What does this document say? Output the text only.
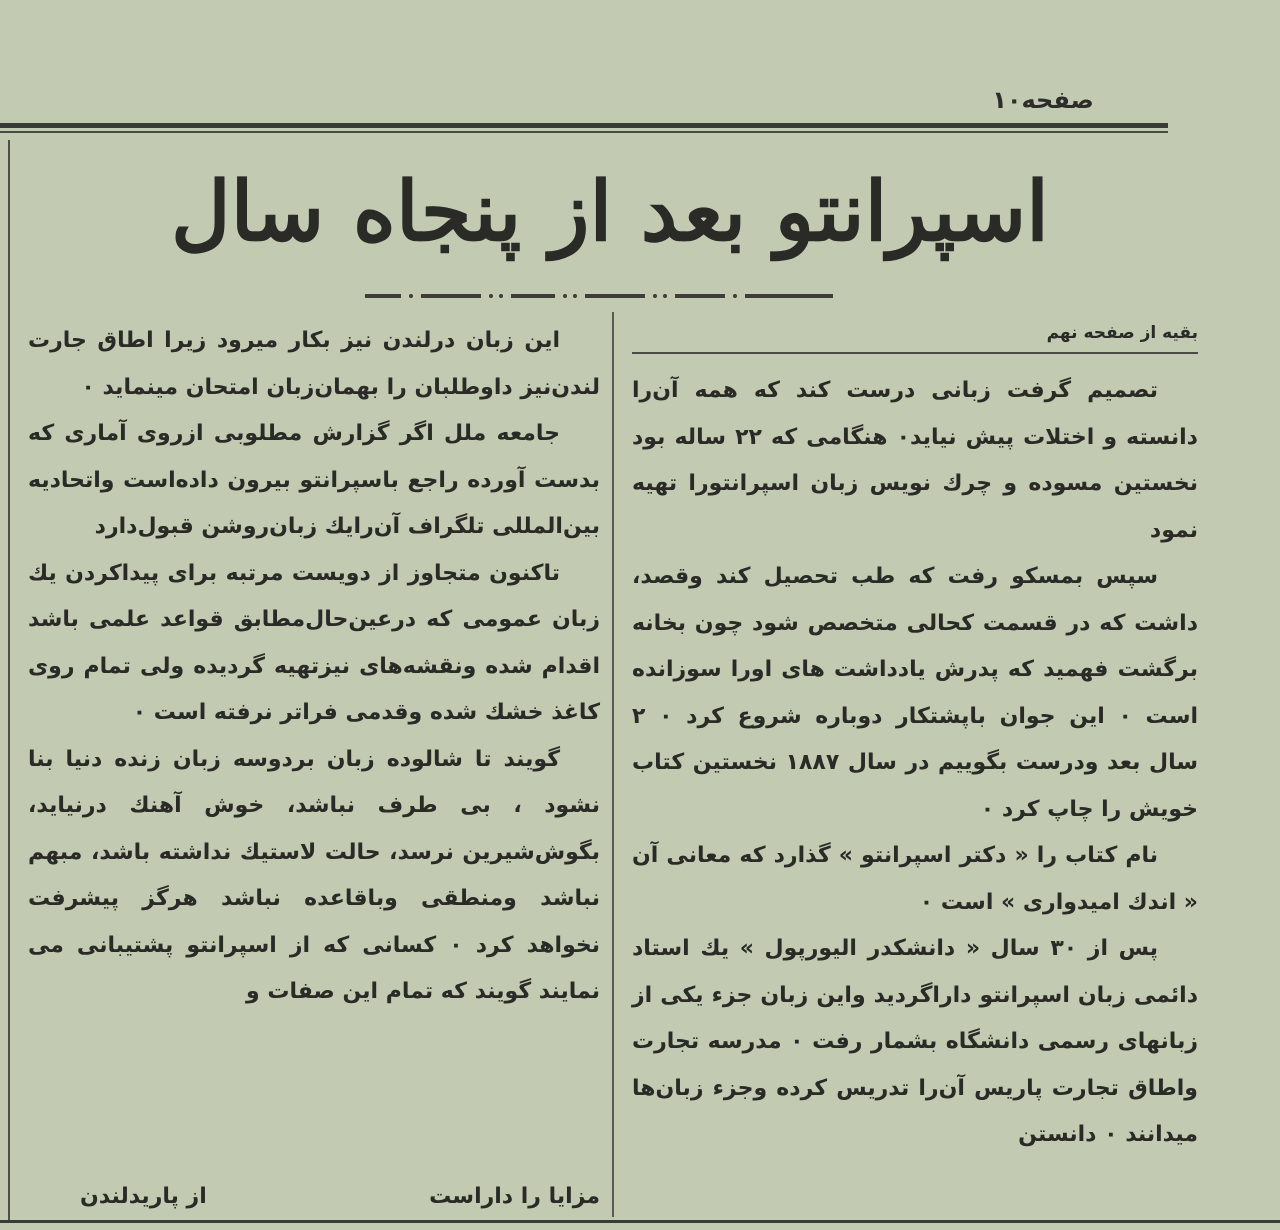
صفحه۱۰
اسپرانتو بعد از پنجاه سال

بقیه از صفحه نهم

تصمیم گرفت زبانی درست کند که همه آن‌را دانسته و اختلات پیش نیاید٠ هنگامی که ۲۲ ساله بود نخستین مسوده و چرك نویس زبان اسپرانتورا تهیه نمود

سپس بمسکو رفت که طب تحصیل کند وقصد، داشت که در قسمت کحالی متخصص شود چون بخانه برگشت فهمید که پدرش یادداشت های اورا سوزانده است ٠ این جوان باپشتکار دوباره شروع کرد ٠ ۲ سال بعد ودرست بگوییم در سال ۱۸۸۷ نخستین کتاب خویش را چاپ کرد ٠

نام کتاب را « دکتر اسپرانتو » گذارد که معانی آن « اندك امیدواری » است ٠

پس از ۳۰ سال « دانشکدر الیورپول » یك استاد دائمی زبان اسپرانتو داراگردید واین زبان جزء یکی از زبانهای رسمی دانشگاه بشمار رفت ٠ مدرسه تجارت واطاق تجارت پاریس آن‌را تدریس کرده وجزء زبان‌ها میدانند ٠ دانستن

این زبان درلندن نیز بکار میرود زیرا اطاق جارت لندن‌نیز داوطلبان را بهمان‌زبان امتحان مینماید ٠

جامعه ملل اگر گزارش مطلوبی ازروی آماری که بدست آورده راجع باسپرانتو بیرون داده‌است واتحادیه بین‌المللی تلگراف آن‌رایك زبان‌روشن قبول‌دارد

تاکنون متجاوز از دویست مرتبه برای پیداکردن یك زبان عمومی که درعین‌حال‌مطابق قواعد علمی باشد اقدام شده ونقشه‌های نیزتهیه گردیده ولی تمام روی کاغذ خشك شده وقدمی فراتر نرفته است ٠

گویند تا شالوده زبان بردوسه زبان زنده دنیا بنا نشود ، بی طرف نباشد، خوش آهنك درنیاید، بگوش‌شیرین نرسد، حالت لاستیك نداشته باشد، مبهم نباشد ومنطقی وباقاعده نباشد هرگز پیشرفت نخواهد کرد ٠ کسانی که از اسپرانتو پشتیبانی می نمایند گویند که تمام این صفات و

مزایا را داراست
از پاریدلندن
